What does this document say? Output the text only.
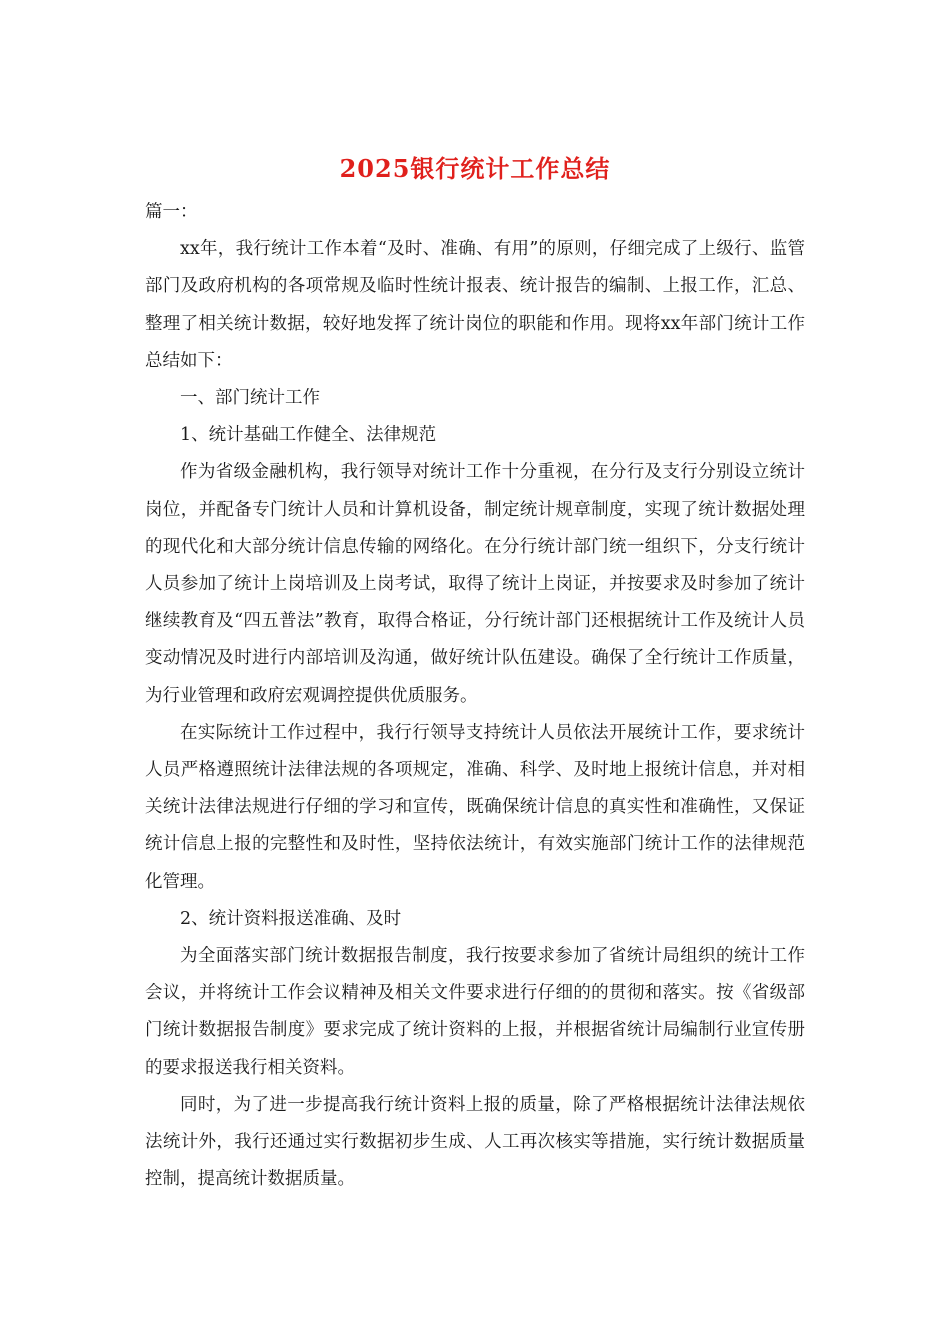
2025银行统计工作总结

篇一：

xx年，我行统计工作本着“及时、准确、有用”的原则，仔细完成了上级行、监管部门及政府机构的各项常规及临时性统计报表、统计报告的编制、上报工作，汇总、整理了相关统计数据，较好地发挥了统计岗位的职能和作用。现将xx年部门统计工作总结如下：

一、部门统计工作

1、统计基础工作健全、法律规范

作为省级金融机构，我行领导对统计工作十分重视，在分行及支行分别设立统计岗位，并配备专门统计人员和计算机设备，制定统计规章制度，实现了统计数据处理的现代化和大部分统计信息传输的网络化。在分行统计部门统一组织下，分支行统计人员参加了统计上岗培训及上岗考试，取得了统计上岗证，并按要求及时参加了统计继续教育及“四五普法”教育，取得合格证，分行统计部门还根据统计工作及统计人员变动情况及时进行内部培训及沟通，做好统计队伍建设。确保了全行统计工作质量，为行业管理和政府宏观调控提供优质服务。

在实际统计工作过程中，我行行领导支持统计人员依法开展统计工作，要求统计人员严格遵照统计法律法规的各项规定，准确、科学、及时地上报统计信息，并对相关统计法律法规进行仔细的学习和宣传，既确保统计信息的真实性和准确性，又保证统计信息上报的完整性和及时性，坚持依法统计，有效实施部门统计工作的法律规范化管理。

2、统计资料报送准确、及时

为全面落实部门统计数据报告制度，我行按要求参加了省统计局组织的统计工作会议，并将统计工作会议精神及相关文件要求进行仔细的的贯彻和落实。按《省级部门统计数据报告制度》要求完成了统计资料的上报，并根据省统计局编制行业宣传册的要求报送我行相关资料。

同时，为了进一步提高我行统计资料上报的质量，除了严格根据统计法律法规依法统计外，我行还通过实行数据初步生成、人工再次核实等措施，实行统计数据质量控制，提高统计数据质量。
